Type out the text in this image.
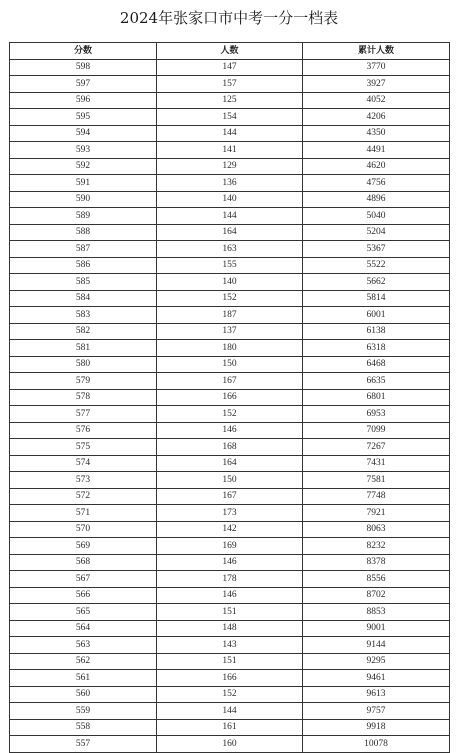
2024年张家口市中考一分一档表
分数	人数	累计人数
598	147	3770
597	157	3927
596	125	4052
595	154	4206
594	144	4350
593	141	4491
592	129	4620
591	136	4756
590	140	4896
589	144	5040
588	164	5204
587	163	5367
586	155	5522
585	140	5662
584	152	5814
583	187	6001
582	137	6138
581	180	6318
580	150	6468
579	167	6635
578	166	6801
577	152	6953
576	146	7099
575	168	7267
574	164	7431
573	150	7581
572	167	7748
571	173	7921
570	142	8063
569	169	8232
568	146	8378
567	178	8556
566	146	8702
565	151	8853
564	148	9001
563	143	9144
562	151	9295
561	166	9461
560	152	9613
559	144	9757
558	161	9918
557	160	10078
